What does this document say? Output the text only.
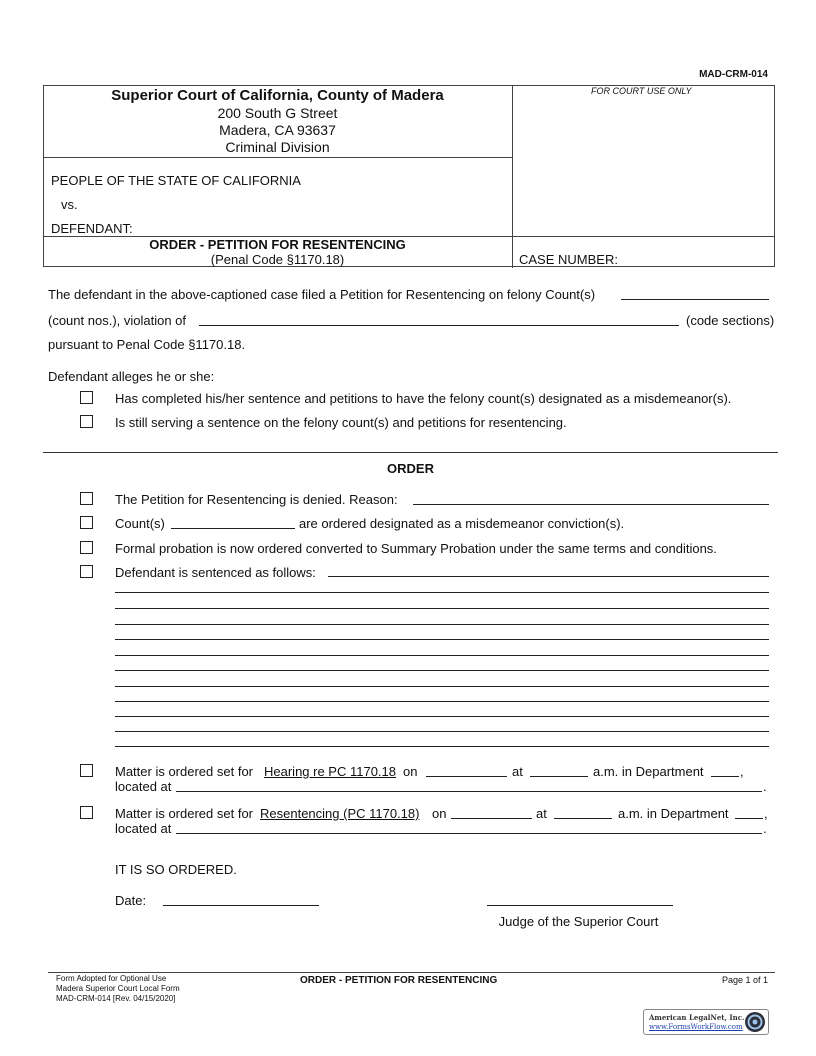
MAD-CRM-014
Superior Court of California, County of Madera
200 South G Street
Madera, CA 93637
Criminal Division
FOR COURT USE ONLY
PEOPLE OF THE STATE OF CALIFORNIA
vs.
DEFENDANT:
ORDER - PETITION FOR RESENTENCING
(Penal Code §1170.18)	CASE NUMBER:
The defendant in the above-captioned case filed a Petition for Resentencing on felony Count(s)
(count nos.), violation of	(code sections)
pursuant to Penal Code §1170.18.
Defendant alleges he or she:
Has completed his/her sentence and petitions to have the felony count(s) designated as a misdemeanor(s).
Is still serving a sentence on the felony count(s) and petitions for resentencing.
ORDER
The Petition for Resentencing is denied. Reason:
Count(s)	are ordered designated as a misdemeanor conviction(s).
Formal probation is now ordered converted to Summary Probation under the same terms and conditions.
Defendant is sentenced as follows:
Matter is ordered set for Hearing re PC 1170.18 on	at	a.m. in Department	,
located at	.
Matter is ordered set for Resentencing (PC 1170.18) on	at	a.m. in Department	,
located at	.
IT IS SO ORDERED.
Date:
Judge of the Superior Court
Form Adopted for Optional Use
Madera Superior Court Local Form
MAD-CRM-014 [Rev. 04/15/2020]
ORDER - PETITION FOR RESENTENCING	Page 1 of 1
American LegalNet, Inc.
www.FormsWorkFlow.com
